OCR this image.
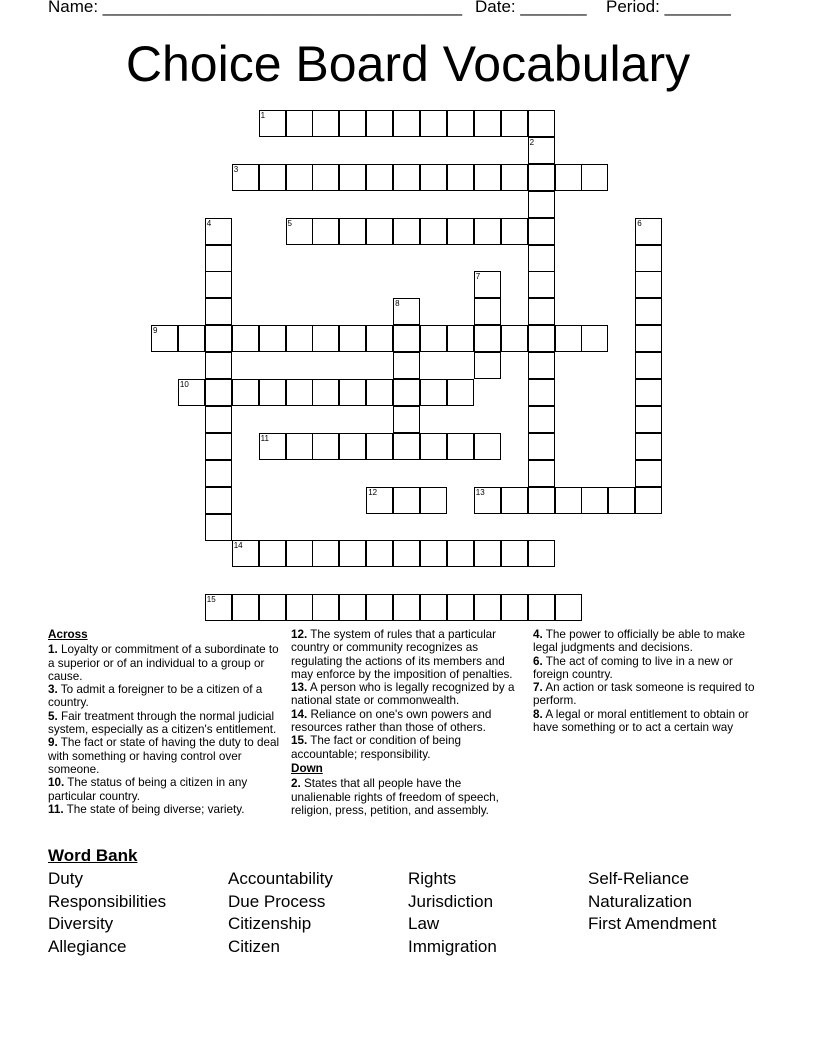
Name: ______________________________________ Date: _______ Period: _______
Choice Board Vocabulary
1
3
5
9
10
11
12	13
14
15
2
4	6
7
8

Across

1. Loyalty or commitment of a subordinate to a superior or of an individual to a group or cause.

3. To admit a foreigner to be a citizen of a country.

5. Fair treatment through the normal judicial system, especially as a citizen's entitlement.

9. The fact or state of having the duty to deal with something or having control over someone.

10. The status of being a citizen in any particular country.

11. The state of being diverse; variety.

12. The system of rules that a particular country or community recognizes as regulating the actions of its members and may enforce by the imposition of penalties.

13. A person who is legally recognized by a national state or commonwealth.

14. Reliance on one's own powers and resources rather than those of others.

15. The fact or condition of being accountable; responsibility.

Down

2. States that all people have the unalienable rights of freedom of speech, religion, press, petition, and assembly.

4. The power to officially be able to make legal judgments and decisions.

6. The act of coming to live in a new or foreign country.

7. An action or task someone is required to perform.

8. A legal or moral entitlement to obtain or have something or to act a certain way

Word Bank
Duty
Responsibilities
Diversity
Allegiance
Accountability
Due Process
Citizenship
Citizen
Rights
Jurisdiction
Law
Immigration
Self-Reliance
Naturalization
First Amendment
